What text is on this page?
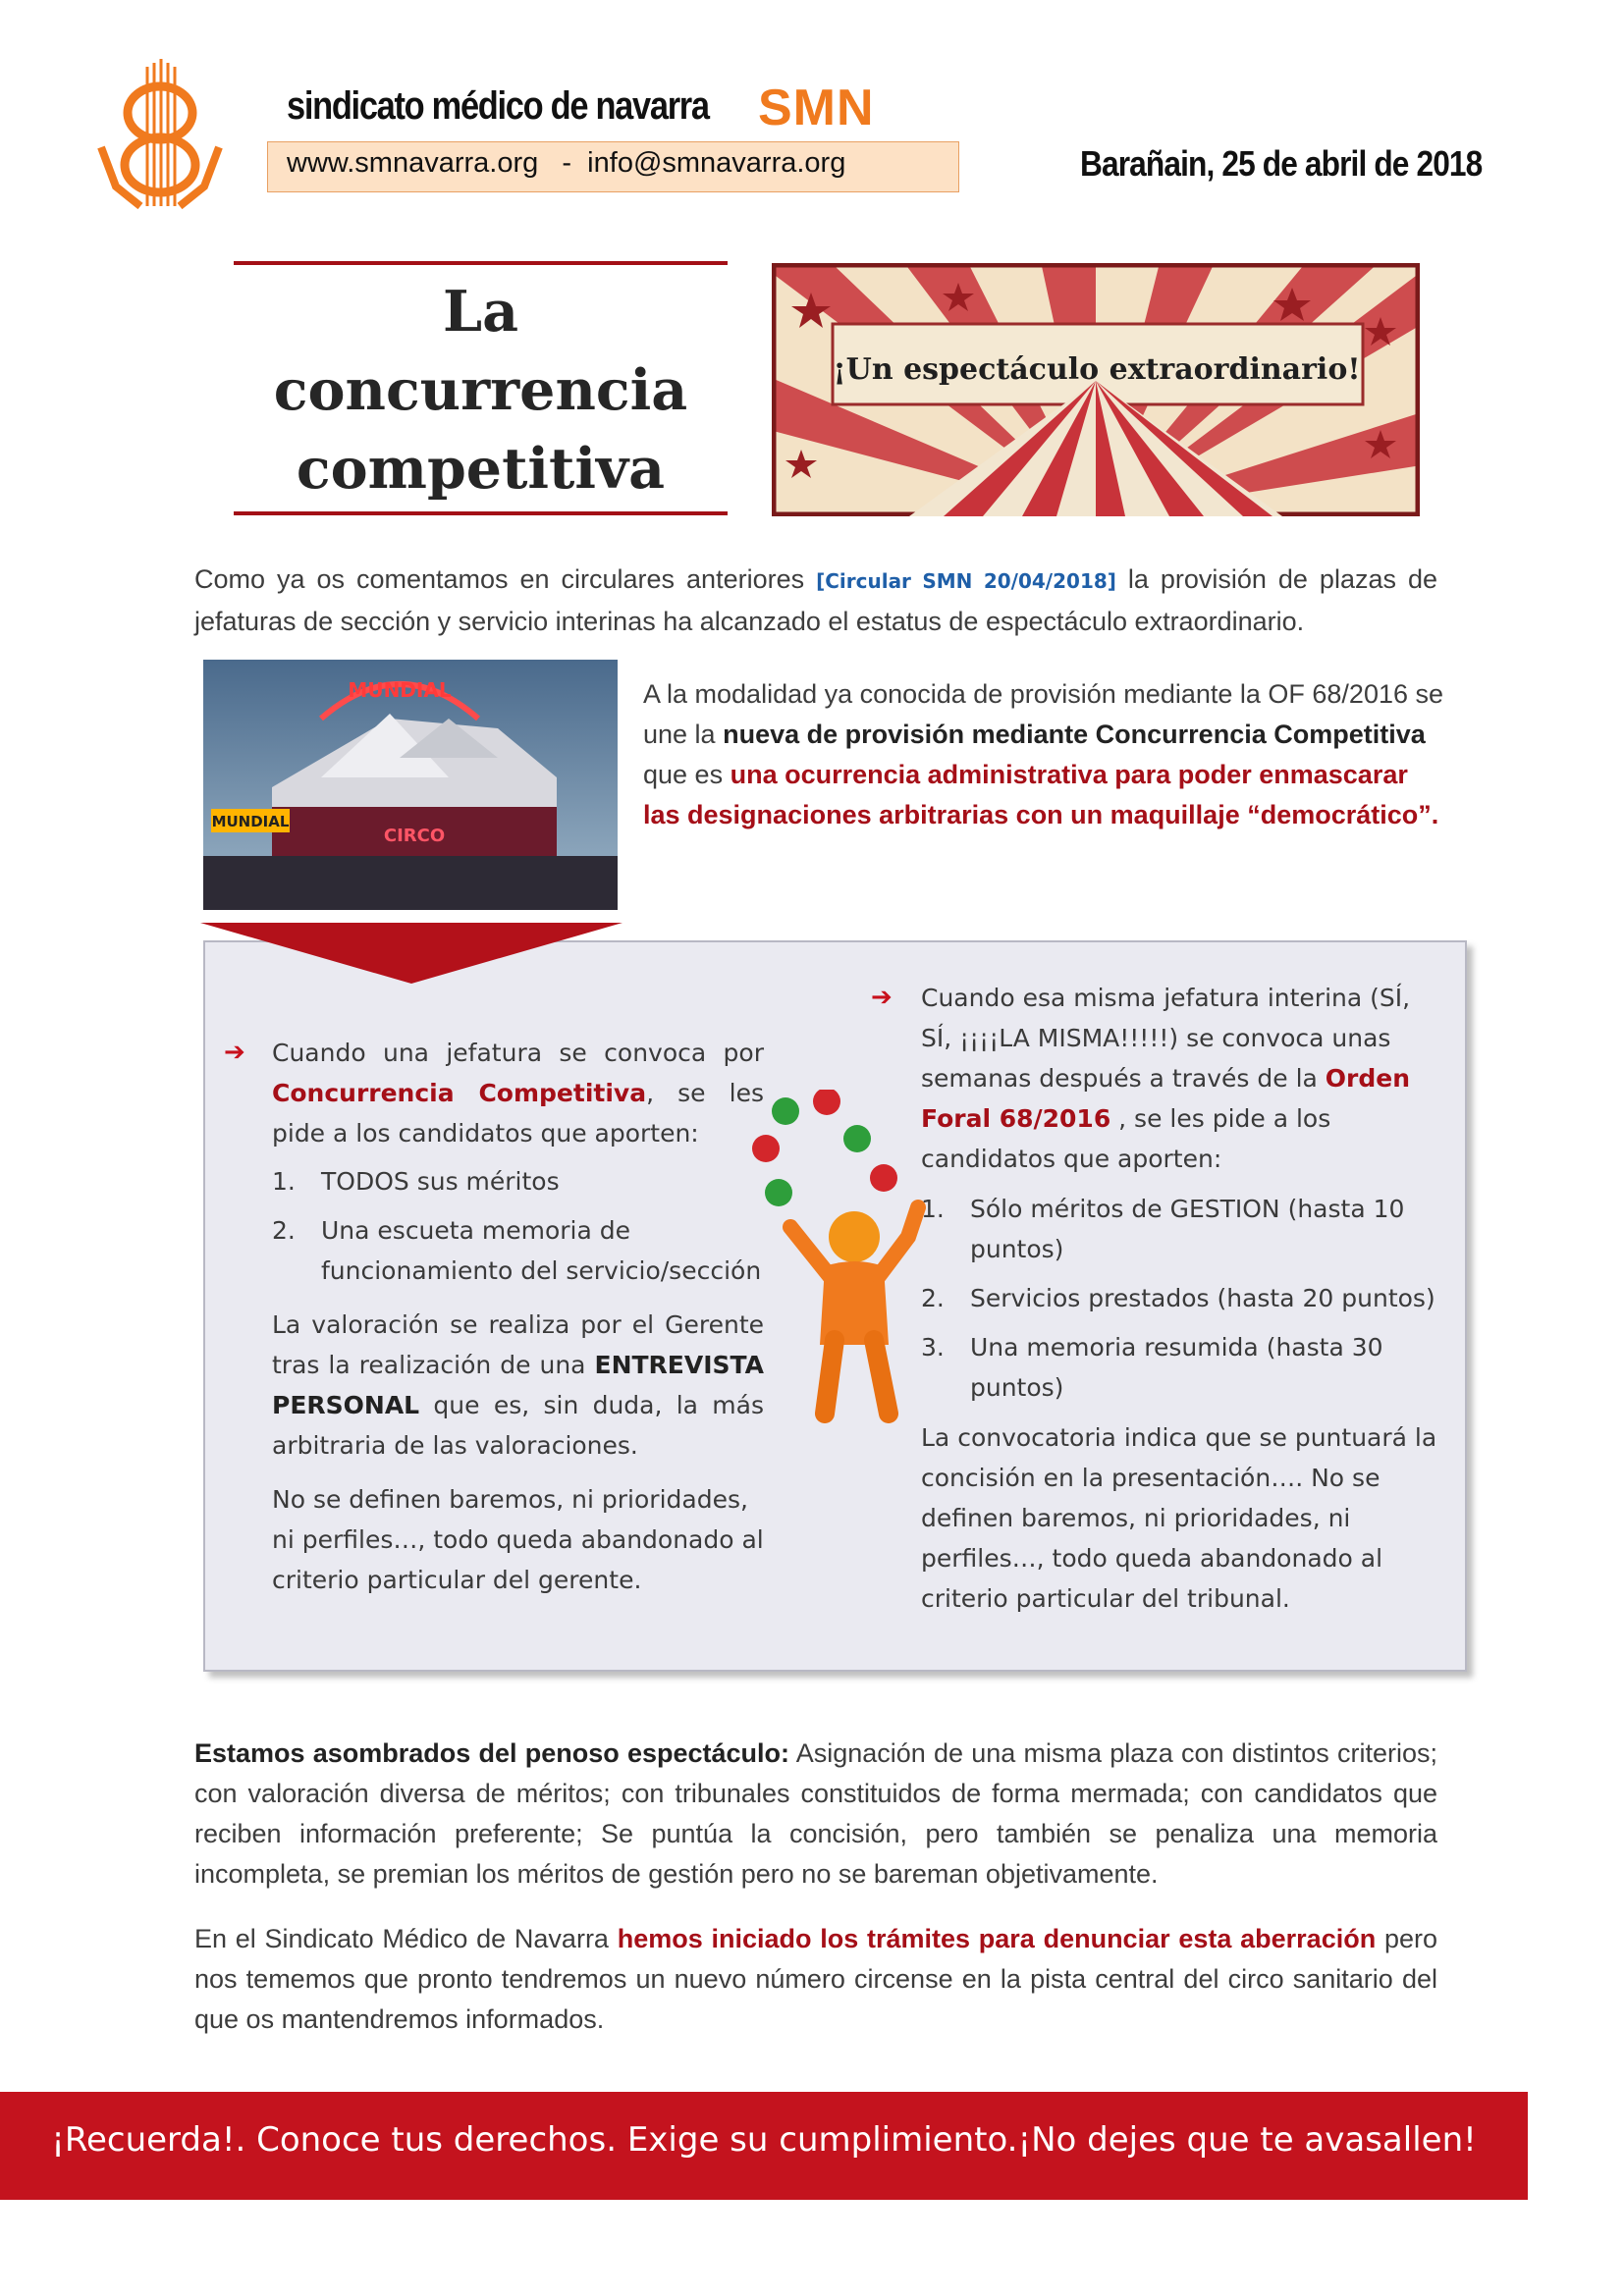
sindicato médico de navarra SMN
www.smnavarra.org   -  info@smnavarra.org	Barañain, 25 de abril de 2018
La
concurrencia
competitiva
¡Un espectáculo extraordinario!
Como ya os comentamos en circulares anteriores [Circular SMN 20/04/2018] la provisión de plazas de jefaturas de sección y servicio interinas ha alcanzado el estatus de espectáculo extraordinario.
MUNDIAL
MUNDIAL
CIRCO
A la modalidad ya conocida de provisión mediante la OF 68/2016 se une la nueva de provisión mediante Concurrencia Competitiva que es una ocurrencia administrativa para poder enmascarar las designaciones arbitrarias con un maquillaje “democrático”.
➔	Cuando una jefatura se convoca por Concurrencia Competitiva, se les pide a los candidatos que aporten:
1.	TODOS sus méritos
2.	Una escueta memoria de funcionamiento del servicio/sección
La valoración se realiza por el Gerente tras la realización de una ENTREVISTA PERSONAL que es, sin duda, la más arbitraria de las valoraciones.
No se definen baremos, ni prioridades, ni perfiles…, todo queda abandonado al criterio particular del gerente.
➔	Cuando esa misma jefatura interina (SÍ, SÍ, ¡¡¡¡LA MISMA!!!!!) se convoca unas semanas después a través de la Orden Foral 68/2016 , se les pide a los candidatos que aporten:
1.	Sólo méritos de GESTION (hasta 10 puntos)
2.	Servicios prestados (hasta 20 puntos)
3.	Una memoria resumida (hasta 30 puntos)
La convocatoria indica que se puntuará la concisión en la presentación…. No se definen baremos, ni prioridades, ni perfiles…, todo queda abandonado al criterio particular del tribunal.
Estamos asombrados del penoso espectáculo: Asignación de una misma plaza con distintos criterios; con valoración diversa de méritos; con tribunales constituidos de forma mermada; con candidatos que reciben información preferente; Se puntúa la concisión, pero también se penaliza una memoria incompleta, se premian los méritos de gestión pero no se bareman objetivamente.
En el Sindicato Médico de Navarra hemos iniciado los trámites para denunciar esta aberración pero nos tememos que pronto tendremos un nuevo número circense en la pista central del circo sanitario del que os mantendremos informados.
¡Recuerda!. Conoce tus derechos. Exige su cumplimiento.¡No dejes que te avasallen!
